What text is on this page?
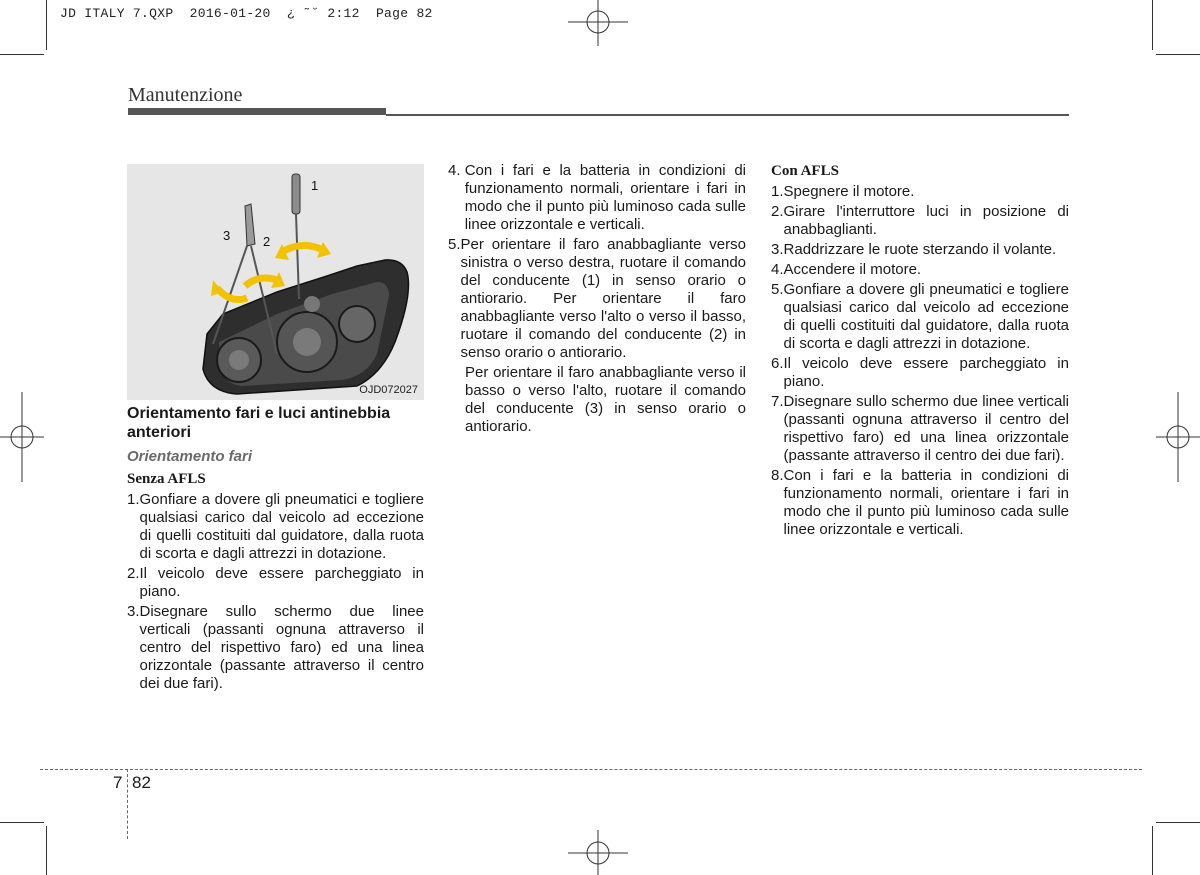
JD ITALY 7.QXP  2016-01-20  ¿ ˜˘ 2:12  Page 82
Manutenzione
1
2
3
OJD072027
Orientamento fari e luci antinebbia anteriori
Orientamento fari
Senza AFLS
1. Gonfiare a dovere gli pneumatici e togliere qualsiasi carico dal veicolo ad eccezione di quelli costituiti dal guidatore, dalla ruota di scorta e dagli attrezzi in dotazione.
2. Il veicolo deve essere parcheggiato in piano.
3. Disegnare sullo schermo due linee verticali (passanti ognuna attraverso il centro del rispettivo faro) ed una linea orizzontale (passante attraverso il centro dei due fari).
4. Con i fari e la batteria in condizioni di funzionamento normali, orientare i fari in modo che il punto più luminoso cada sulle linee orizzontale e verticali.
5. Per orientare il faro anabbagliante verso sinistra o verso destra, ruotare il comando del conducente (1) in senso orario o antiorario. Per orientare il faro anabbagliante verso l'alto o verso il basso, ruotare il comando del conducente (2) in senso orario o antiorario.
Per orientare il faro anabbagliante verso il basso o verso l'alto, ruotare il comando del conducente (3) in senso orario o antiorario.
Con AFLS
1. Spegnere il motore.
2. Girare l'interruttore luci in posizione di anabbaglianti.
3. Raddrizzare le ruote sterzando il volante.
4. Accendere il motore.
5. Gonfiare a dovere gli pneumatici e togliere qualsiasi carico dal veicolo ad eccezione di quelli costituiti dal guidatore, dalla ruota di scorta e dagli attrezzi in dotazione.
6. Il veicolo deve essere parcheggiato in piano.
7. Disegnare sullo schermo due linee verticali (passanti ognuna attraverso il centro del rispettivo faro) ed una linea orizzontale (passante attraverso il centro dei due fari).
8. Con i fari e la batteria in condizioni di funzionamento normali, orientare i fari in modo che il punto più luminoso cada sulle linee orizzontale e verticali.
7 82
